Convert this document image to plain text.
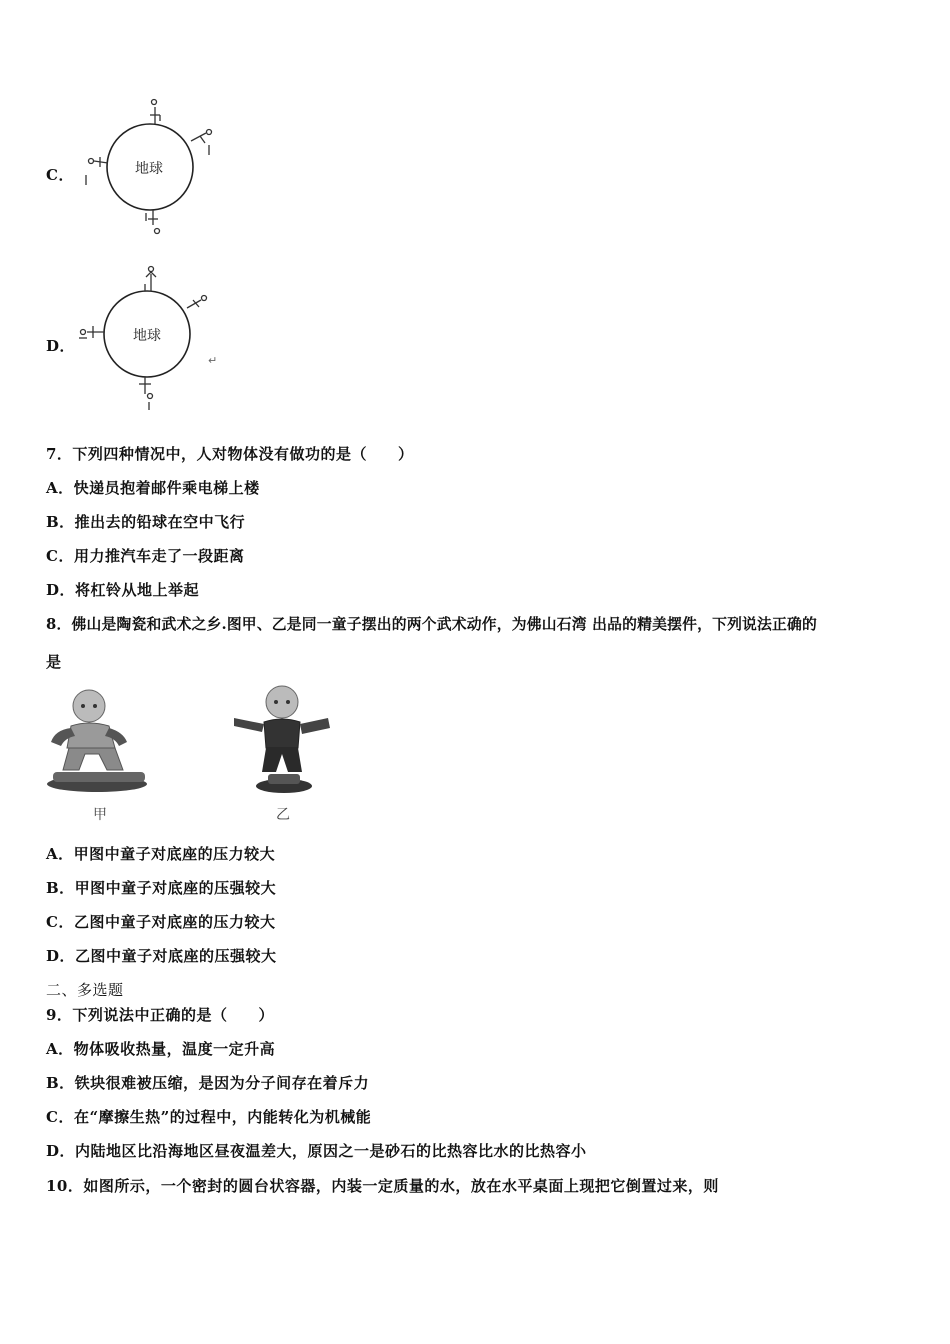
C．	地球
D．
地球
↵
7．下列四种情况中，人对物体没有做功的是（　　）
A．快递员抱着邮件乘电梯上楼
B．推出去的铅球在空中飞行
C．用力推汽车走了一段距离
D．将杠铃从地上举起
8．佛山是陶瓷和武术之乡.图甲、乙是同一童子摆出的两个武术动作，为佛山石湾 出品的精美摆件，下列说法正确的
是
甲	乙
A．甲图中童子对底座的压力较大
B．甲图中童子对底座的压强较大
C．乙图中童子对底座的压力较大
D．乙图中童子对底座的压强较大
二、多选题
9．下列说法中正确的是（　　）
A．物体吸收热量，温度一定升高
B．铁块很难被压缩，是因为分子间存在着斥力
C．在“摩擦生热”的过程中，内能转化为机械能
D．内陆地区比沿海地区昼夜温差大，原因之一是砂石的比热容比水的比热容小
10．如图所示，一个密封的圆台状容器，内装一定质量的水，放在水平桌面上现把它倒置过来，则
